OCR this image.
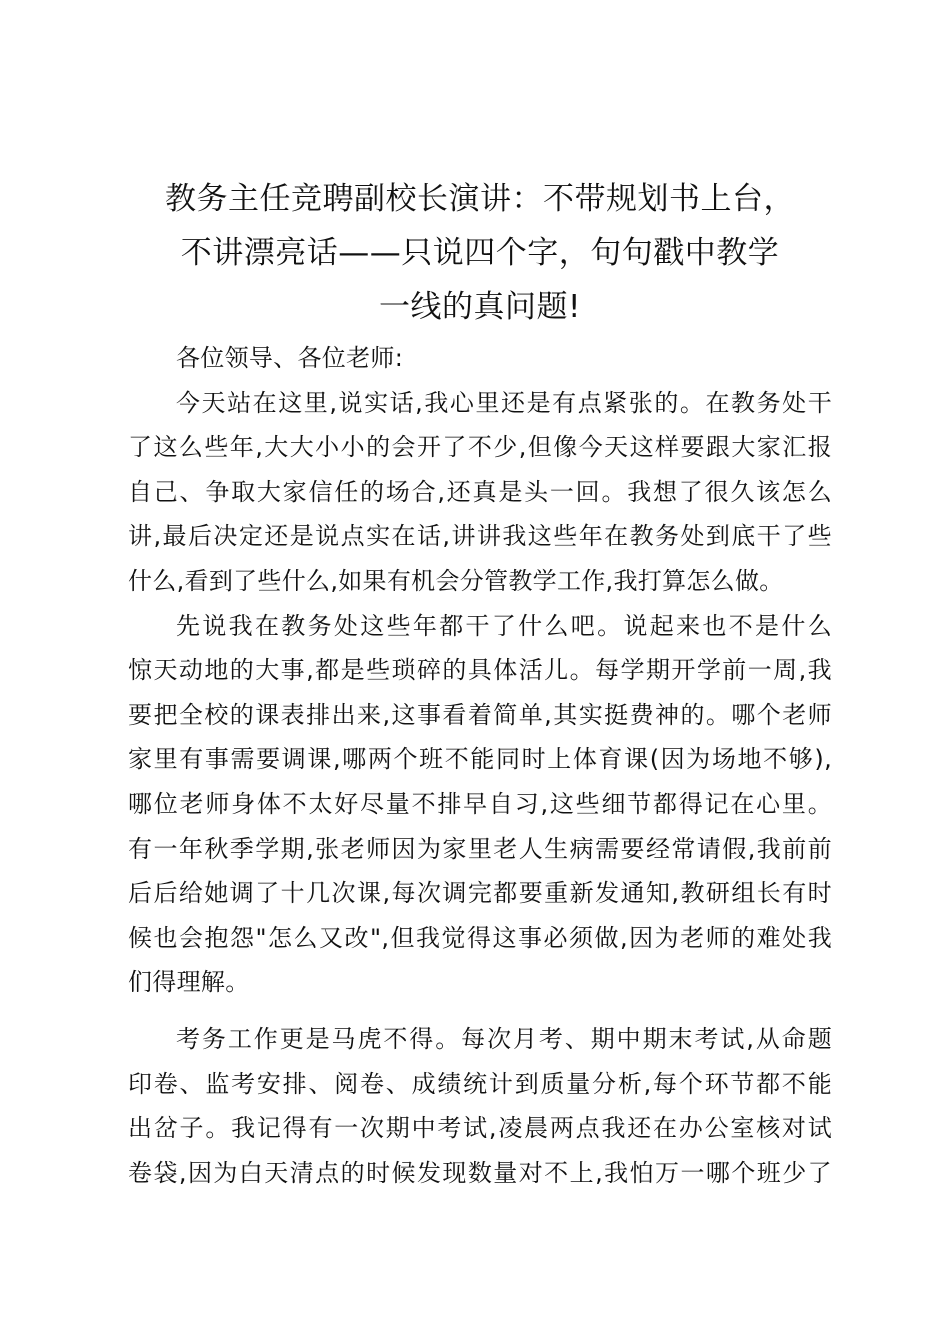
教务主任竞聘副校长演讲：不带规划书上台，
不讲漂亮话——只说四个字，句句戳中教学
一线的真问题!

各位领导、各位老师:

今天站在这里,说实话,我心里还是有点紧张的。在教务处干
了这么些年,大大小小的会开了不少,但像今天这样要跟大家汇报
自己、争取大家信任的场合,还真是头一回。我想了很久该怎么
讲,最后决定还是说点实在话,讲讲我这些年在教务处到底干了些
什么,看到了些什么,如果有机会分管教学工作,我打算怎么做。

先说我在教务处这些年都干了什么吧。说起来也不是什么
惊天动地的大事,都是些琐碎的具体活儿。每学期开学前一周,我
要把全校的课表排出来,这事看着简单,其实挺费神的。哪个老师
家里有事需要调课,哪两个班不能同时上体育课(因为场地不够),
哪位老师身体不太好尽量不排早自习,这些细节都得记在心里。
有一年秋季学期,张老师因为家里老人生病需要经常请假,我前前
后后给她调了十几次课,每次调完都要重新发通知,教研组长有时
候也会抱怨"怎么又改",但我觉得这事必须做,因为老师的难处我
们得理解。

考务工作更是马虎不得。每次月考、期中期末考试,从命题
印卷、监考安排、阅卷、成绩统计到质量分析,每个环节都不能
出岔子。我记得有一次期中考试,凌晨两点我还在办公室核对试
卷袋,因为白天清点的时候发现数量对不上,我怕万一哪个班少了
